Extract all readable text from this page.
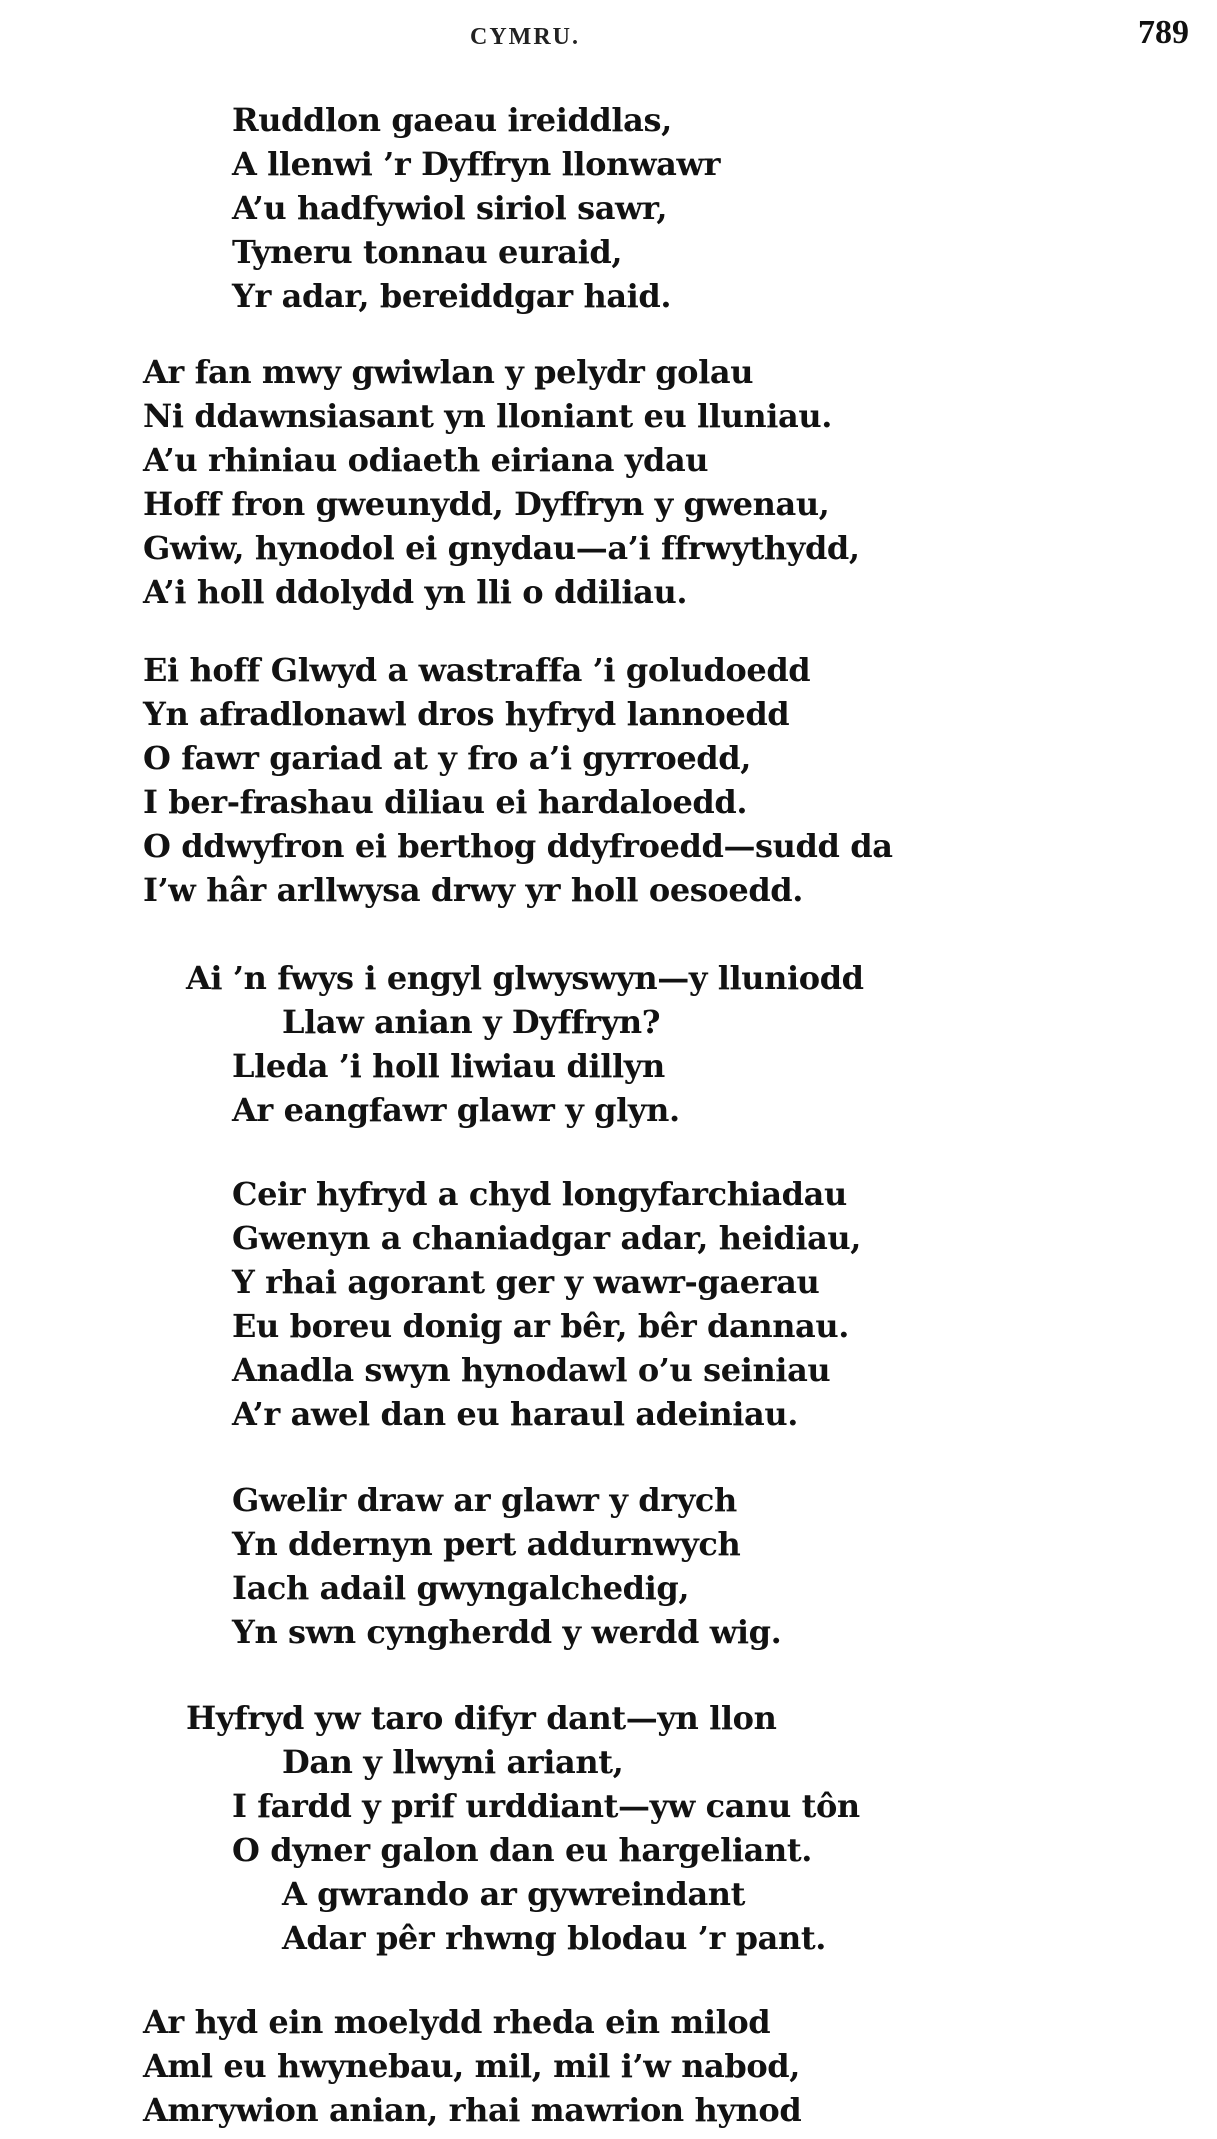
CYMRU.	789
Ruddlon gaeau ireiddlas,
A llenwi ’r Dyffryn llonwawr
A’u hadfywiol siriol sawr,
Tyneru tonnau euraid,
Yr adar, bereiddgar haid.
Ar fan mwy gwiwlan y pelydr golau
Ni ddawnsiasant yn lloniant eu lluniau.
A’u rhiniau odiaeth eiriana ydau
Hoff fron gweunydd, Dyffryn y gwenau,
Gwiw, hynodol ei gnydau—a’i ffrwythydd,
A’i holl ddolydd yn lli o ddiliau.
Ei hoff Glwyd a wastraffa ’i goludoedd
Yn afradlonawl dros hyfryd lannoedd
O fawr gariad at y fro a’i gyrroedd,
I ber-frashau diliau ei hardaloedd.
O ddwyfron ei berthog ddyfroedd—sudd da
I’w hâr arllwysa drwy yr holl oesoedd.
Ai ’n fwys i engyl glwyswyn—y lluniodd
Llaw anian y Dyffryn?
Lleda ’i holl liwiau dillyn
Ar eangfawr glawr y glyn.
Ceir hyfryd a chyd longyfarchiadau
Gwenyn a chaniadgar adar, heidiau,
Y rhai agorant ger y wawr-gaerau
Eu boreu donig ar bêr, bêr dannau.
Anadla swyn hynodawl o’u seiniau
A’r awel dan eu haraul adeiniau.
Gwelir draw ar glawr y drych
Yn ddernyn pert addurnwych
Iach adail gwyngalchedig,
Yn swn cyngherdd y werdd wig.
Hyfryd yw taro difyr dant—yn llon
Dan y llwyni ariant,
I fardd y prif urddiant—yw canu tôn
O dyner galon dan eu hargeliant.
A gwrando ar gywreindant
Adar pêr rhwng blodau ’r pant.
Ar hyd ein moelydd rheda ein milod
Aml eu hwynebau, mil, mil i’w nabod,
Amrywion anian, rhai mawrion hynod
